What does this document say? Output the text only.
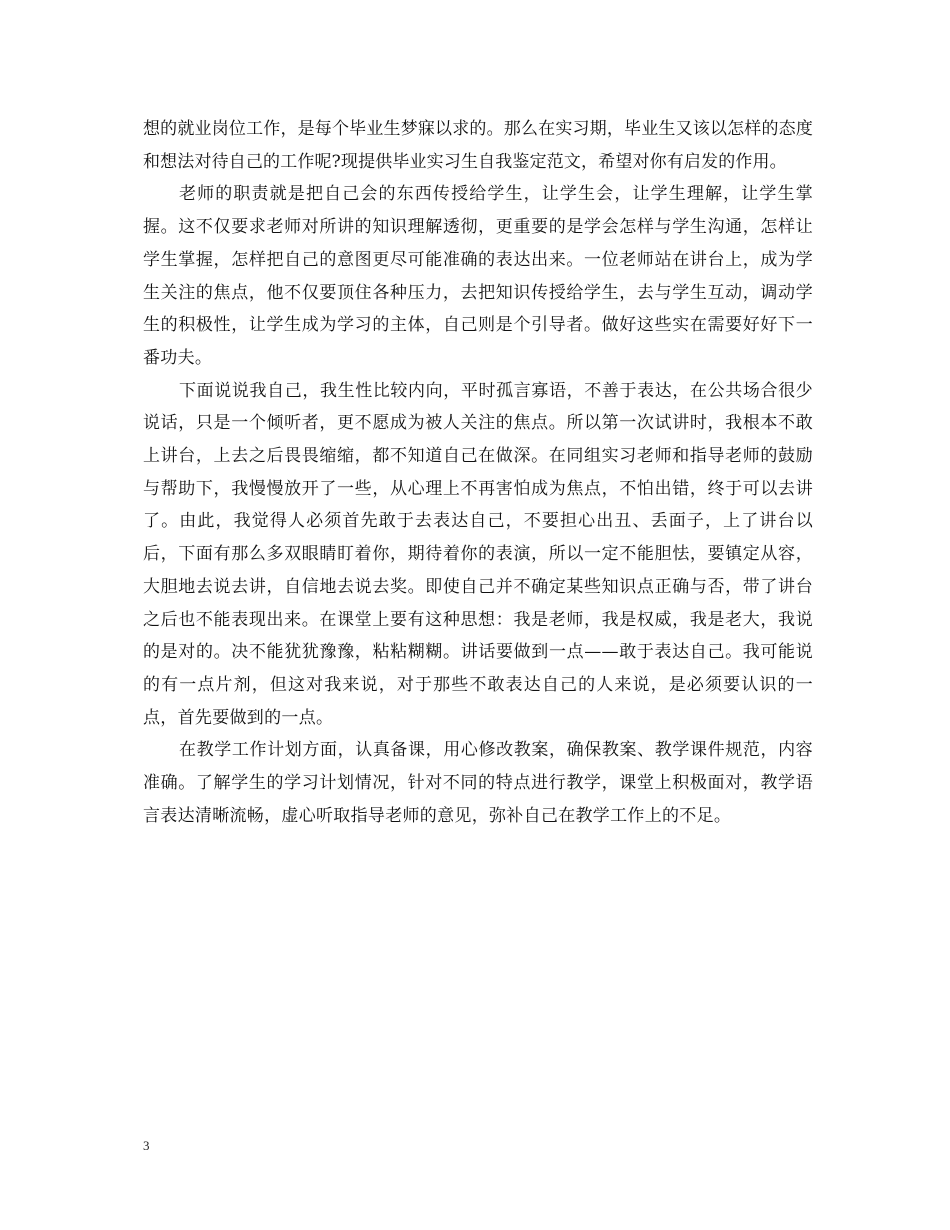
想的就业岗位工作，是每个毕业生梦寐以求的。那么在实习期，毕业生又该以怎样的态度和想法对待自己的工作呢?现提供毕业实习生自我鉴定范文，希望对你有启发的作用。

老师的职责就是把自己会的东西传授给学生，让学生会，让学生理解，让学生掌握。这不仅要求老师对所讲的知识理解透彻，更重要的是学会怎样与学生沟通，怎样让学生掌握，怎样把自己的意图更尽可能准确的表达出来。一位老师站在讲台上，成为学生关注的焦点，他不仅要顶住各种压力，去把知识传授给学生，去与学生互动，调动学生的积极性，让学生成为学习的主体，自己则是个引导者。做好这些实在需要好好下一番功夫。

下面说说我自己，我生性比较内向，平时孤言寡语，不善于表达，在公共场合很少说话，只是一个倾听者，更不愿成为被人关注的焦点。所以第一次试讲时，我根本不敢上讲台，上去之后畏畏缩缩，都不知道自己在做深。在同组实习老师和指导老师的鼓励与帮助下，我慢慢放开了一些，从心理上不再害怕成为焦点，不怕出错，终于可以去讲了。由此，我觉得人必须首先敢于去表达自己，不要担心出丑、丢面子，上了讲台以后，下面有那么多双眼睛盯着你，期待着你的表演，所以一定不能胆怯，要镇定从容，大胆地去说去讲，自信地去说去奖。即使自己并不确定某些知识点正确与否，带了讲台之后也不能表现出来。在课堂上要有这种思想：我是老师，我是权威，我是老大，我说的是对的。决不能犹犹豫豫，粘粘糊糊。讲话要做到一点——敢于表达自己。我可能说的有一点片剂，但这对我来说，对于那些不敢表达自己的人来说，是必须要认识的一点，首先要做到的一点。

在教学工作计划方面，认真备课，用心修改教案，确保教案、教学课件规范，内容准确。了解学生的学习计划情况，针对不同的特点进行教学，课堂上积极面对，教学语言表达清晰流畅，虚心听取指导老师的意见，弥补自己在教学工作上的不足。

3
